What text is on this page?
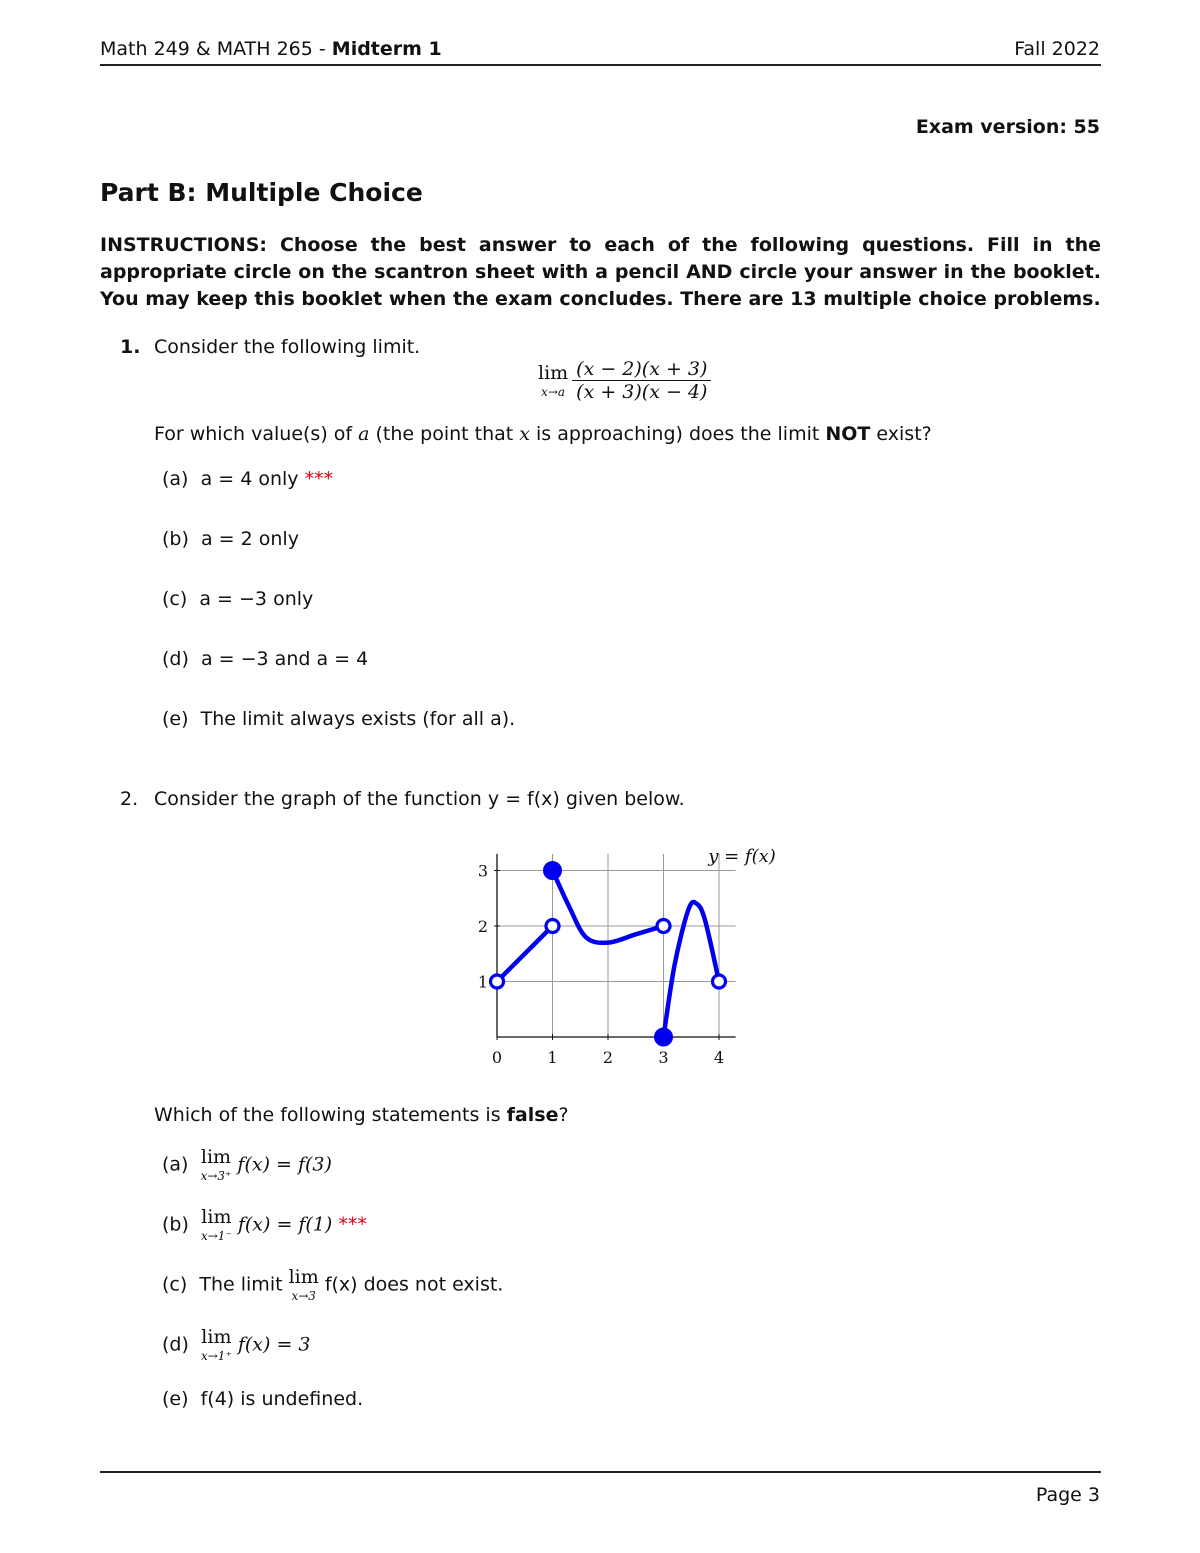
Math 249 & MATH 265 - Midterm 1	Fall 2022
Exam version: 55
Part B: Multiple Choice
INSTRUCTIONS: Choose the best answer to each of the following questions. Fill in the appropriate circle on the scantron sheet with a pencil AND circle your answer in the booklet. You may keep this booklet when the exam concludes. There are 13 multiple choice problems.
1. Consider the following limit.
lim
$x\to a \frac{(x - 2)(x + 3)}{(x + 3)(x - 4)}$
For which value(s) of a (the point that x is approaching) does the limit NOT exist?
(a) a = 4 only ***
(b) a = 2 only
(c) a = −3 only
(d) a = −3 and a = 4
(e) The limit always exists (for all a).
2. Consider the graph of the function y = f(x) given below.
0	1	2	3	4
1
2
3
y = f(x)
Which of the following statements is false?
(a) lim
x→3⁺
f(x) = f(3)
(b) lim
x→1⁻
f(x) = f(1) ***
(c) The limit lim
x→3
f(x) does not exist.
(d) lim
x→1⁺
f(x) = 3
(e) f(4) is undefined.
Page 3
